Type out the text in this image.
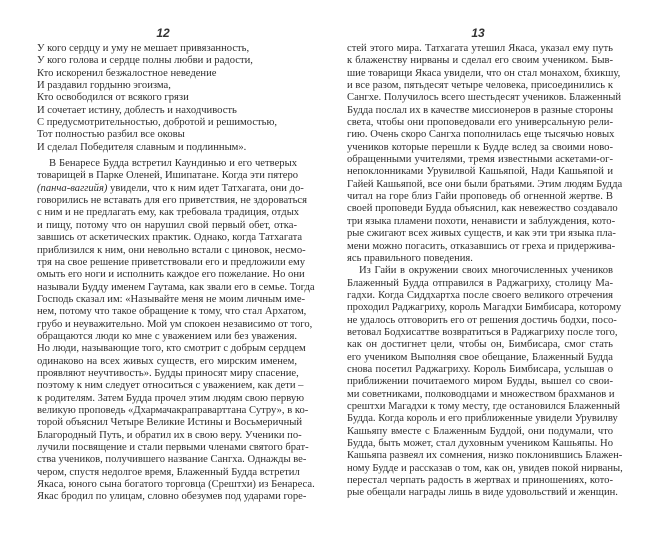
12
У кого сердцу и уму не мешает привязанность,
У кого голова и сердце полны любви и радости,
Кто искоренил безжалостное неведение
И раздавил гордыню эгоизма,
Кто освободился от всякого грязи
И сочетает истину, доблесть и находчивость
С предусмотрительностью, добротой и решимостью,
Тот полностью разбил все оковы
И сделал Победителя славным и подлинным».
В Бенаресе Будда встретил Каундинью и его четверых
товарищей в Парке Оленей, Ишипатане. Когда эти пятеро
(панча-ваггийя) увидели, что к ним идет Татхагата, они до-
говорились не вставать для его приветствия, не здороваться
с ним и не предлагать ему, как требовала традиция, отдых
и пищу, потому что он нарушил свой первый обет, отка-
завшись от аскетических практик. Однако, когда Татхагата
приблизился к ним, они невольно встали с циновок, несмо-
тря на свое решение приветствовали его и предложили ему
омыть его ноги и исполнить каждое его пожелание. Но они
называли Будду именем Гаутама, как звали его в семье. Тогда
Господь сказал им: «Называйте меня не моим личным име-
нем, потому что такое обращение к тому, что стал Архатом,
грубо и неуважительно. Мой ум спокоен независимо от того,
обращаются люди ко мне с уважением или без уважения.
Но люди, называющие того, кто смотрит с добрым сердцем
одинаково на всех живых существ, его мирским именем,
проявляют неучтивость». Будды приносят миру спасение,
поэтому к ним следует относиться с уважением, как дети –
к родителям. Затем Будда прочел этим людям свою первую
великую проповедь «Дхармачакраправарттана Сутру», в ко-
торой объяснил Четыре Великие Истины и Восьмеричный
Благородный Путь, и обратил их в свою веру. Ученики по-
лучили посвящение и стали первыми членами святого брат-
ства учеников, получившего название Сангха. Однажды ве-
чером, спустя недолгое время, Блаженный Будда встретил
Якаса, юного сына богатого торговца (Срештхи) из Бенареса.
Якас бродил по улицам, словно обезумев под ударами горе-
13
стей этого мира. Татхагата утешил Якаса, указал ему путь
к блаженству нирваны и сделал его своим учеником. Быв-
шие товарищи Якаса увидели, что он стал монахом, бхикшу,
и все разом, пятьдесят четыре человека, присоединились к
Сангхе. Получилось всего шестьдесят учеников. Блаженный
Будда послал их в качестве миссионеров в разные стороны
света, чтобы они проповедовали его универсальную рели-
гию. Очень скоро Сангха пополнилась еще тысячью новых
учеников которые перешли к Будде вслед за своими ново-
обращенными учителями, тремя известными аскетами-ог-
непоклонниками Урувилвой Кашьяпой, Нади Кашьяпой и
Гайей Кашьяпой, все они были братьями. Этим людям Будда
читал на горе близ Гайи проповедь об огненной жертве. В
своей проповеди Будда объяснил, как невежество создавало
три языка пламени похоти, ненависти и заблуждения, кото-
рые сжигают всех живых существ, и как эти три языка пла-
мени можно погасить, отказавшись от греха и придержива-
ясь правильного поведения.
Из Гайи в окружении своих многочисленных учеников
Блаженный Будда отправился в Раджагриху, столицу Ма-
гадхи. Когда Сиддхартха после своего великого отречения
проходил Раджагриху, король Магадхи Бимбисара, которому
не удалось отговорить его от решения достичь бодхи, посо-
ветовал Бодхисаттве возвратиться в Раджагриху после того,
как он достигнет цели, чтобы он, Бимбисара, смог стать
его учеником Выполняя свое обещание, Блаженный Будда
снова посетил Раджагриху. Король Бимбисара, услышав о
приближении почитаемого миром Будды, вышел со свои-
ми советниками, полководцами и множеством брахманов и
срештхи Магадхи к тому месту, где остановился Блаженный
Будда. Когда король и его приближенные увидели Урувилву
Кашьяпу вместе с Блаженным Буддой, они подумали, что
Будда, быть может, стал духовным учеником Кашьяпы. Но
Кашьяпа развеял их сомнения, низко поклонившись Блажен-
ному Будде и рассказав о том, как он, увидев покой нирваны,
перестал черпать радость в жертвах и приношениях, кото-
рые обещали награды лишь в виде удовольствий и женщин.
